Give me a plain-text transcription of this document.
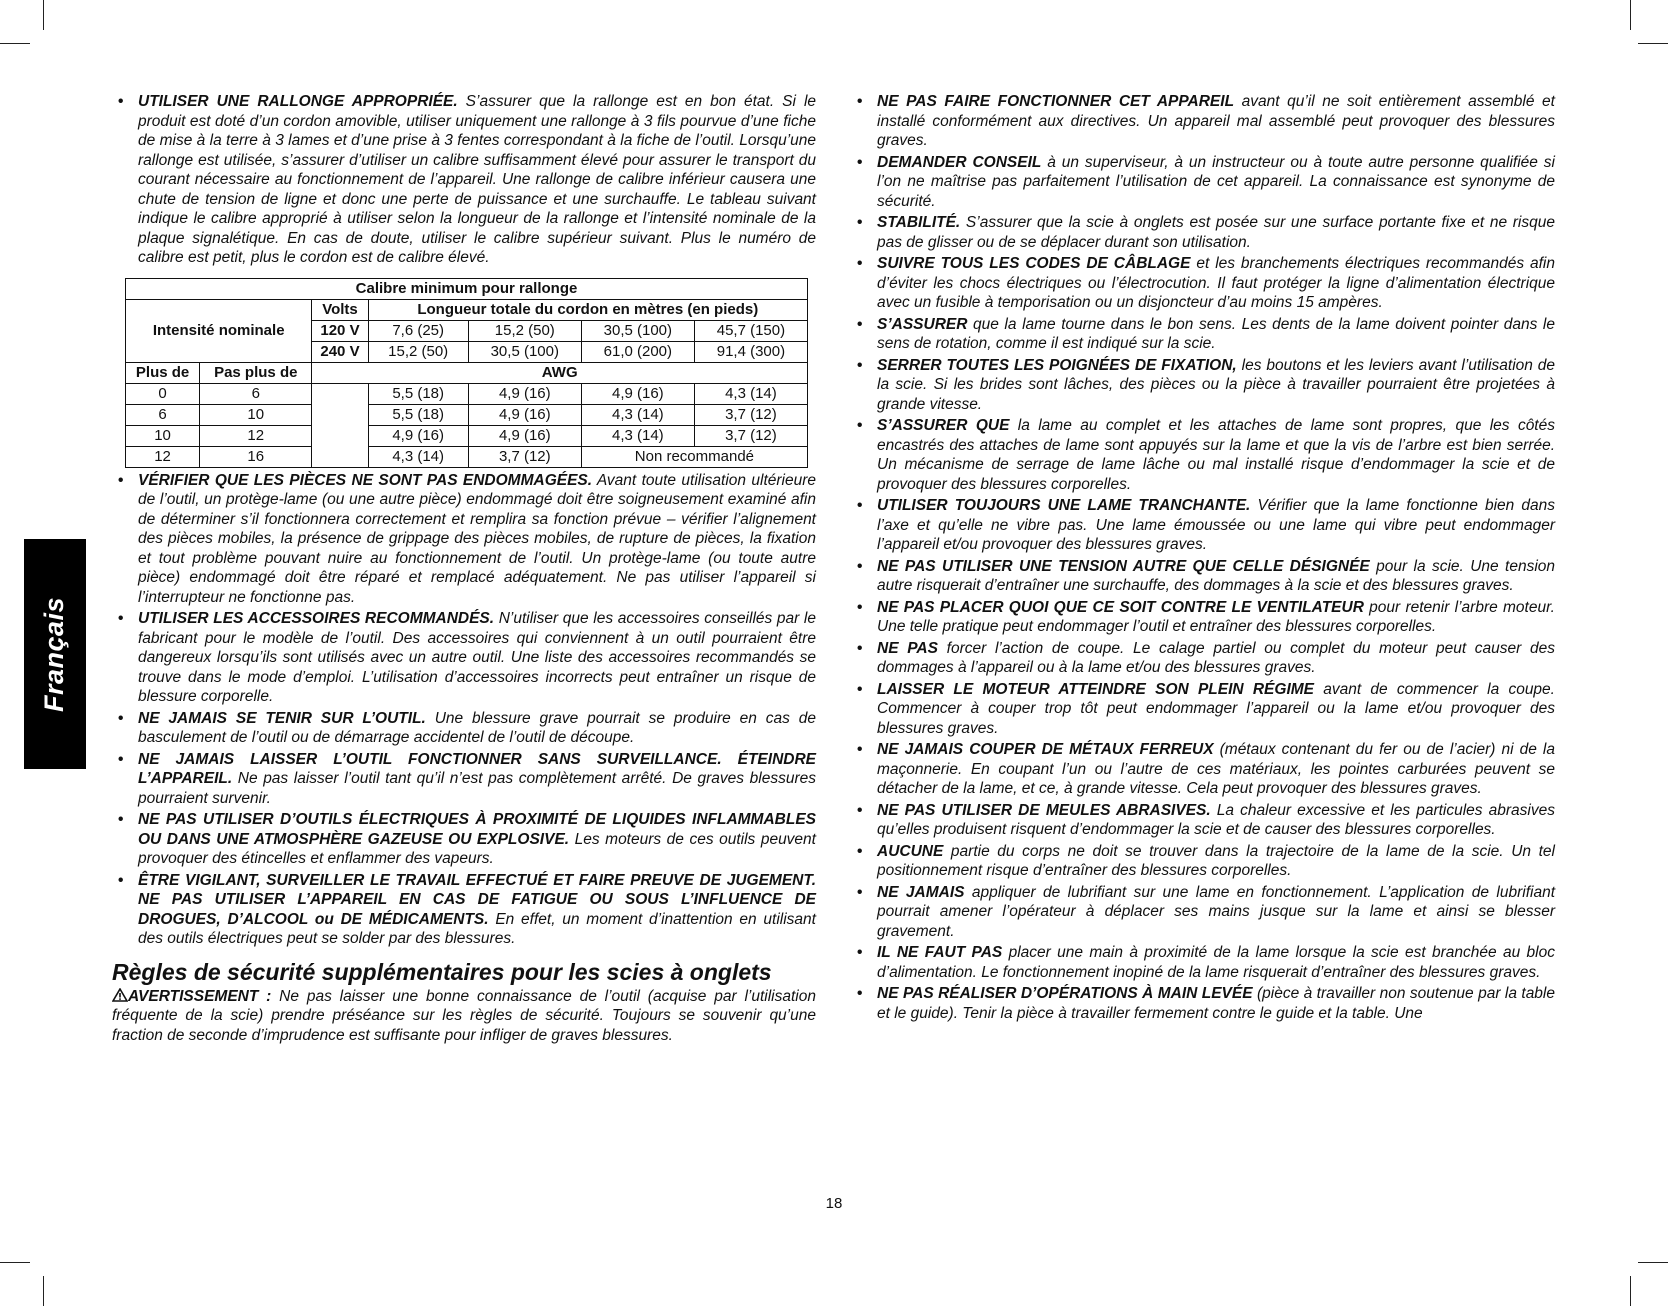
Français

• UTILISER UNE RALLONGE APPROPRIÉE. S’assurer que la rallonge est en bon état. Si le produit est doté d’un cordon amovible, utiliser uniquement une rallonge à 3 fils pourvue d’une fiche de mise à la terre à 3 lames et d’une prise à 3 fentes correspondant à la fiche de l’outil. Lorsqu’une rallonge est utilisée, s’assurer d’utiliser un calibre suffisamment élevé pour assurer le transport du courant nécessaire au fonctionnement de l’appareil. Une rallonge de calibre inférieur causera une chute de tension de ligne et donc une perte de puissance et une surchauffe. Le tableau suivant indique le calibre approprié à utiliser selon la longueur de la rallonge et l’intensité nominale de la plaque signalétique. En cas de doute, utiliser le calibre supérieur suivant. Plus le numéro de calibre est petit, plus le cordon est de calibre élevé.

Calibre minimum pour rallonge						
Intensité nominale		Volts	Longueur totale du cordon en mètres (en pieds)			
		120 V	7,6 (25)	15,2 (50)	30,5 (100)	45,7 (150)
		240 V	15,2 (50)	30,5 (100)	61,0 (200)	91,4 (300)
Plus de	Pas plus de	AWG				
0	6		5,5 (18)	4,9 (16)	4,9 (16)	4,3 (14)
6	10		5,5 (18)	4,9 (16)	4,3 (14)	3,7 (12)
10	12		4,9 (16)	4,9 (16)	4,3 (14)	3,7 (12)
12	16		4,3 (14)	3,7 (12)	Non recommandé	

• VÉRIFIER QUE LES PIÈCES NE SONT PAS ENDOMMAGÉES. Avant toute utilisation ultérieure de l’outil, un protège-lame (ou une autre pièce) endommagé doit être soigneusement examiné afin de déterminer s’il fonctionnera correctement et remplira sa fonction prévue – vérifier l’alignement des pièces mobiles, la présence de grippage des pièces mobiles, de rupture de pièces, la fixation et tout problème pouvant nuire au fonctionnement de l’outil. Un protège-lame (ou toute autre pièce) endommagé doit être réparé et remplacé adéquatement. Ne pas utiliser l’appareil si l’interrupteur ne fonctionne pas.

• UTILISER LES ACCESSOIRES RECOMMANDÉS. N’utiliser que les accessoires conseillés par le fabricant pour le modèle de l’outil. Des accessoires qui conviennent à un outil pourraient être dangereux lorsqu’ils sont utilisés avec un autre outil. Une liste des accessoires recommandés se trouve dans le mode d’emploi. L’utilisation d’accessoires incorrects peut entraîner un risque de blessure corporelle.

• NE JAMAIS SE TENIR SUR L’OUTIL. Une blessure grave pourrait se produire en cas de basculement de l’outil ou de démarrage accidentel de l’outil de découpe.

• NE JAMAIS LAISSER L’OUTIL FONCTIONNER SANS SURVEILLANCE. ÉTEINDRE L’APPAREIL. Ne pas laisser l’outil tant qu’il n’est pas complètement arrêté. De graves blessures pourraient survenir.

• NE PAS UTILISER D’OUTILS ÉLECTRIQUES À PROXIMITÉ DE LIQUIDES INFLAMMABLES OU DANS UNE ATMOSPHÈRE GAZEUSE OU EXPLOSIVE. Les moteurs de ces outils peuvent provoquer des étincelles et enflammer des vapeurs.

• ÊTRE VIGILANT, SURVEILLER LE TRAVAIL EFFECTUÉ ET FAIRE PREUVE DE JUGEMENT. NE PAS UTILISER L’APPAREIL EN CAS DE FATIGUE OU SOUS L’INFLUENCE DE DROGUES, D’ALCOOL ou DE MÉDICAMENTS. En effet, un moment d’inattention en utilisant des outils électriques peut se solder par des blessures.

Règles de sécurité supplémentaires pour les scies à onglets

AVERTISSEMENT : Ne pas laisser une bonne connaissance de l’outil (acquise par l’utilisation fréquente de la scie) prendre préséance sur les règles de sécurité. Toujours se souvenir qu’une fraction de seconde d’imprudence est suffisante pour infliger de graves blessures.

• NE PAS FAIRE FONCTIONNER CET APPAREIL avant qu’il ne soit entièrement assemblé et installé conformément aux directives. Un appareil mal assemblé peut provoquer des blessures graves.

• DEMANDER CONSEIL à un superviseur, à un instructeur ou à toute autre personne qualifiée si l’on ne maîtrise pas parfaitement l’utilisation de cet appareil. La connaissance est synonyme de sécurité.

• STABILITÉ. S’assurer que la scie à onglets est posée sur une surface portante fixe et ne risque pas de glisser ou de se déplacer durant son utilisation.

• SUIVRE TOUS LES CODES DE CÂBLAGE et les branchements électriques recommandés afin d’éviter les chocs électriques ou l’électrocution. Il faut protéger la ligne d’alimentation électrique avec un fusible à temporisation ou un disjoncteur d’au moins 15 ampères.

• S’ASSURER que la lame tourne dans le bon sens. Les dents de la lame doivent pointer dans le sens de rotation, comme il est indiqué sur la scie.

• SERRER TOUTES LES POIGNÉES DE FIXATION, les boutons et les leviers avant l’utilisation de la scie. Si les brides sont lâches, des pièces ou la pièce à travailler pourraient être projetées à grande vitesse.

• S’ASSURER QUE la lame au complet et les attaches de lame sont propres, que les côtés encastrés des attaches de lame sont appuyés sur la lame et que la vis de l’arbre est bien serrée. Un mécanisme de serrage de lame lâche ou mal installé risque d’endommager la scie et de provoquer des blessures corporelles.

• UTILISER TOUJOURS UNE LAME TRANCHANTE. Vérifier que la lame fonctionne bien dans l’axe et qu’elle ne vibre pas. Une lame émoussée ou une lame qui vibre peut endommager l’appareil et/ou provoquer des blessures graves.

• NE PAS UTILISER UNE TENSION AUTRE QUE CELLE DÉSIGNÉE pour la scie. Une tension autre risquerait d’entraîner une surchauffe, des dommages à la scie et des blessures graves.

• NE PAS PLACER QUOI QUE CE SOIT CONTRE LE VENTILATEUR pour retenir l’arbre moteur. Une telle pratique peut endommager l’outil et entraîner des blessures corporelles.

• NE PAS forcer l’action de coupe. Le calage partiel ou complet du moteur peut causer des dommages à l’appareil ou à la lame et/ou des blessures graves.

• LAISSER LE MOTEUR ATTEINDRE SON PLEIN RÉGIME avant de commencer la coupe. Commencer à couper trop tôt peut endommager l’appareil ou la lame et/ou provoquer des blessures graves.

• NE JAMAIS COUPER DE MÉTAUX FERREUX (métaux contenant du fer ou de l’acier) ni de la maçonnerie. En coupant l’un ou l’autre de ces matériaux, les pointes carburées peuvent se détacher de la lame, et ce, à grande vitesse. Cela peut provoquer des blessures graves.

• NE PAS UTILISER DE MEULES ABRASIVES. La chaleur excessive et les particules abrasives qu’elles produisent risquent d’endommager la scie et de causer des blessures corporelles.

• AUCUNE partie du corps ne doit se trouver dans la trajectoire de la lame de la scie. Un tel positionnement risque d’entraîner des blessures corporelles.

• NE JAMAIS appliquer de lubrifiant sur une lame en fonctionnement. L’application de lubrifiant pourrait amener l’opérateur à déplacer ses mains jusque sur la lame et ainsi se blesser gravement.

• IL NE FAUT PAS placer une main à proximité de la lame lorsque la scie est branchée au bloc d’alimentation. Le fonctionnement inopiné de la lame risquerait d’entraîner des blessures graves.

• NE PAS RÉALISER D’OPÉRATIONS À MAIN LEVÉE (pièce à travailler non soutenue par la table et le guide). Tenir la pièce à travailler fermement contre le guide et la table. Une

18
